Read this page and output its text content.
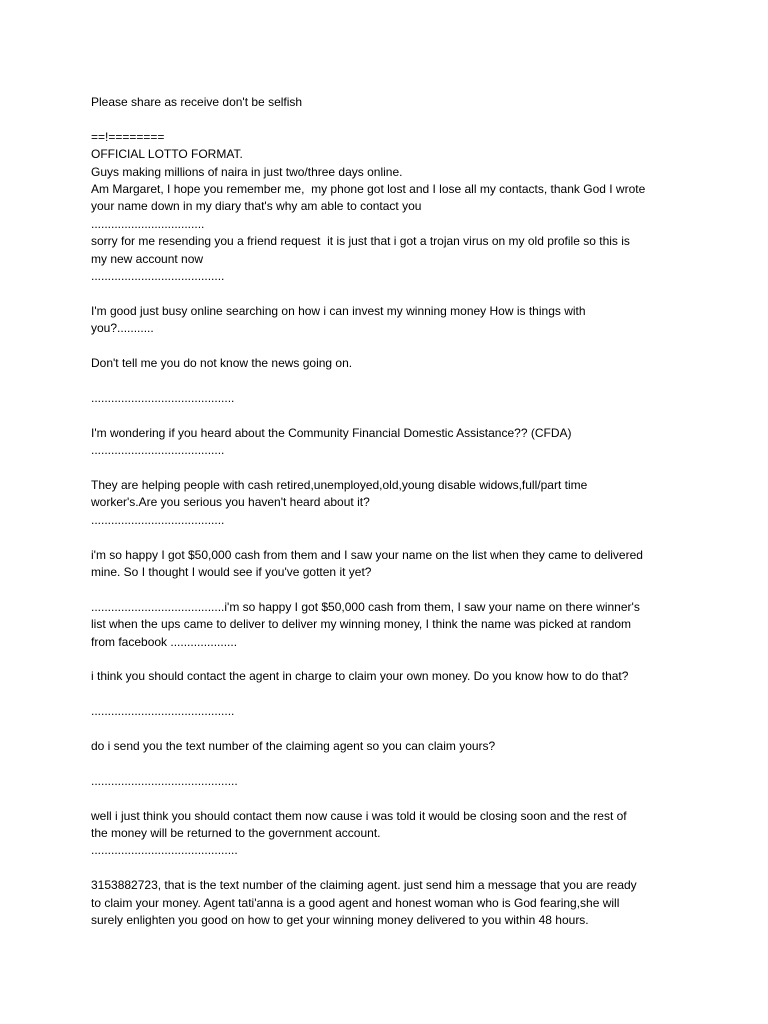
Please share as receive don't be selfish

==!========

OFFICIAL LOTTO FORMAT.

Guys making millions of naira in just two/three days online.

Am Margaret, I hope you remember me,  my phone got lost and I lose all my contacts, thank God I wrote

your name down in my diary that's why am able to contact you

..................................

sorry for me resending you a friend request  it is just that i got a trojan virus on my old profile so this is

my new account now

........................................

I'm good just busy online searching on how i can invest my winning money How is things with

you?...........

Don't tell me you do not know the news going on.

...........................................

I'm wondering if you heard about the Community Financial Domestic Assistance?? (CFDA)

........................................

They are helping people with cash retired,unemployed,old,young disable widows,full/part time

worker's.Are you serious you haven't heard about it?

........................................

i'm so happy I got $50,000 cash from them and I saw your name on the list when they came to delivered

mine. So I thought I would see if you've gotten it yet?

........................................i'm so happy I got $50,000 cash from them, I saw your name on there winner's

list when the ups came to deliver to deliver my winning money, I think the name was picked at random

from facebook ....................

i think you should contact the agent in charge to claim your own money. Do you know how to do that?

...........................................

do i send you the text number of the claiming agent so you can claim yours?

............................................

well i just think you should contact them now cause i was told it would be closing soon and the rest of

the money will be returned to the government account.

............................................

3153882723, that is the text number of the claiming agent. just send him a message that you are ready

to claim your money. Agent tati'anna is a good agent and honest woman who is God fearing,she will

surely enlighten you good on how to get your winning money delivered to you within 48 hours.
